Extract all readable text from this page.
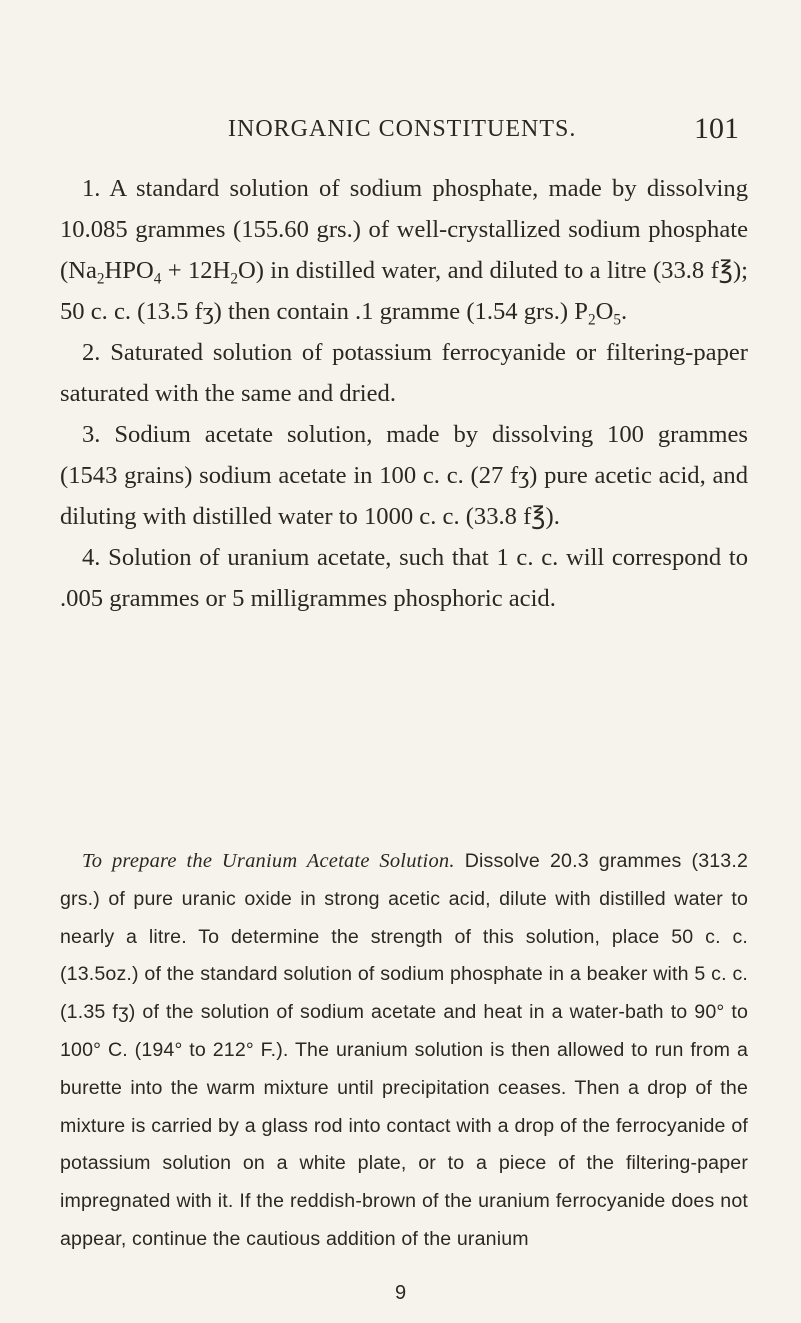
INORGANIC CONSTITUENTS.	101

1. A standard solution of sodium phosphate, made by dissolving 10.085 grammes (155.60 grs.) of well-crystallized sodium phosphate $(Na_2HPO_4 + 12H_2O)$ in distilled water, and diluted to a litre (33.8 f℥); 50 c. c. (13.5 fʒ) then contain .1 gramme (1.54 grs.) $P_2O_5$.

2. Saturated solution of potassium ferrocyanide or filtering-paper saturated with the same and dried.

3. Sodium acetate solution, made by dissolving 100 grammes (1543 grains) sodium acetate in 100 c. c. (27 fʒ) pure acetic acid, and diluting with distilled water to 1000 c. c. (33.8 f℥).

4. Solution of uranium acetate, such that 1 c. c. will correspond to .005 grammes or 5 milligrammes phosphoric acid.

To prepare the Uranium Acetate Solution. Dissolve 20.3 grammes (313.2 grs.) of pure uranic oxide in strong acetic acid, dilute with distilled water to nearly a litre. To determine the strength of this solution, place 50 c. c. (13.5oz.) of the standard solution of sodium phosphate in a beaker with 5 c. c. (1.35 fʒ) of the solution of sodium acetate and heat in a water-bath to 90° to 100° C. (194° to 212° F.). The uranium solution is then allowed to run from a burette into the warm mixture until precipitation ceases. Then a drop of the mixture is carried by a glass rod into contact with a drop of the ferrocyanide of potassium solution on a white plate, or to a piece of the filtering-paper impregnated with it. If the reddish-brown of the uranium ferrocyanide does not appear, continue the cautious addition of the uranium

9
